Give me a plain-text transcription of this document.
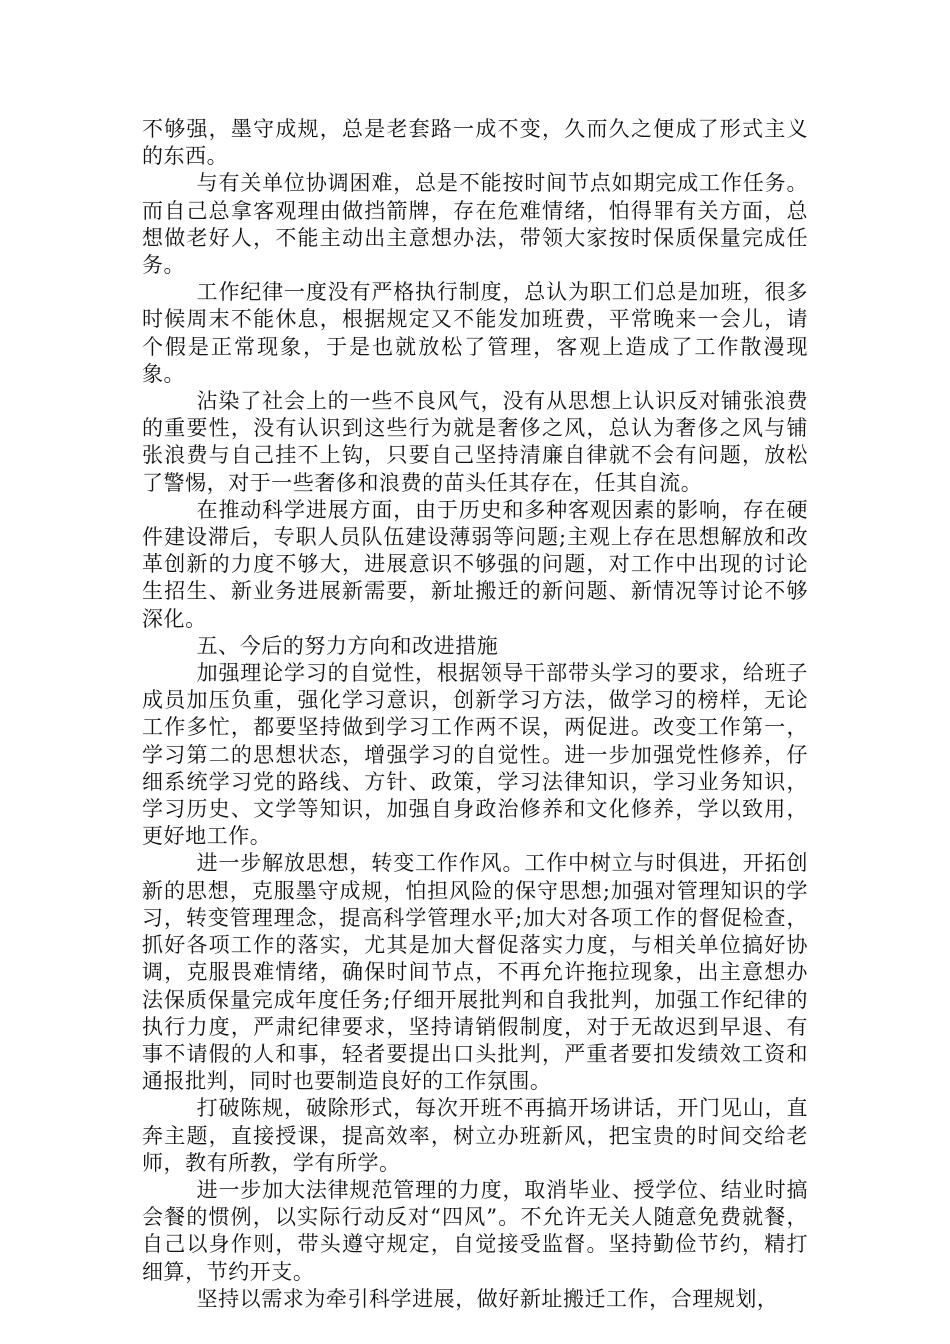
不够强，墨守成规，总是老套路一成不变，久而久之便成了形式主义的东西。

与有关单位协调困难，总是不能按时间节点如期完成工作任务。而自己总拿客观理由做挡箭牌，存在危难情绪，怕得罪有关方面，总想做老好人，不能主动出主意想办法，带领大家按时保质保量完成任务。

工作纪律一度没有严格执行制度，总认为职工们总是加班，很多时候周末不能休息，根据规定又不能发加班费，平常晚来一会儿，请个假是正常现象，于是也就放松了管理，客观上造成了工作散漫现象。

沾染了社会上的一些不良风气，没有从思想上认识反对铺张浪费的重要性，没有认识到这些行为就是奢侈之风，总认为奢侈之风与铺张浪费与自己挂不上钩，只要自己坚持清廉自律就不会有问题，放松了警惕，对于一些奢侈和浪费的苗头任其存在，任其自流。

在推动科学进展方面，由于历史和多种客观因素的影响，存在硬件建设滞后，专职人员队伍建设薄弱等问题;主观上存在思想解放和改革创新的力度不够大，进展意识不够强的问题，对工作中出现的讨论生招生、新业务进展新需要，新址搬迁的新问题、新情况等讨论不够深化。

五、今后的努力方向和改进措施

加强理论学习的自觉性，根据领导干部带头学习的要求，给班子成员加压负重，强化学习意识，创新学习方法，做学习的榜样，无论工作多忙，都要坚持做到学习工作两不误，两促进。改变工作第一，学习第二的思想状态，增强学习的自觉性。进一步加强党性修养，仔细系统学习党的路线、方针、政策，学习法律知识，学习业务知识，学习历史、文学等知识，加强自身政治修养和文化修养，学以致用，更好地工作。

进一步解放思想，转变工作作风。工作中树立与时俱进，开拓创新的思想，克服墨守成规，怕担风险的保守思想;加强对管理知识的学习，转变管理理念，提高科学管理水平;加大对各项工作的督促检查，抓好各项工作的落实，尤其是加大督促落实力度，与相关单位搞好协调，克服畏难情绪，确保时间节点，不再允许拖拉现象，出主意想办法保质保量完成年度任务;仔细开展批判和自我批判，加强工作纪律的执行力度，严肃纪律要求，坚持请销假制度，对于无故迟到早退、有事不请假的人和事，轻者要提出口头批判，严重者要扣发绩效工资和通报批判，同时也要制造良好的工作氛围。

打破陈规，破除形式，每次开班不再搞开场讲话，开门见山，直奔主题，直接授课，提高效率，树立办班新风，把宝贵的时间交给老师，教有所教，学有所学。

进一步加大法律规范管理的力度，取消毕业、授学位、结业时搞会餐的惯例，以实际行动反对“四风”。不允许无关人随意免费就餐，自己以身作则，带头遵守规定，自觉接受监督。坚持勤俭节约，精打细算，节约开支。

坚持以需求为牵引科学进展，做好新址搬迁工作，合理规划，
